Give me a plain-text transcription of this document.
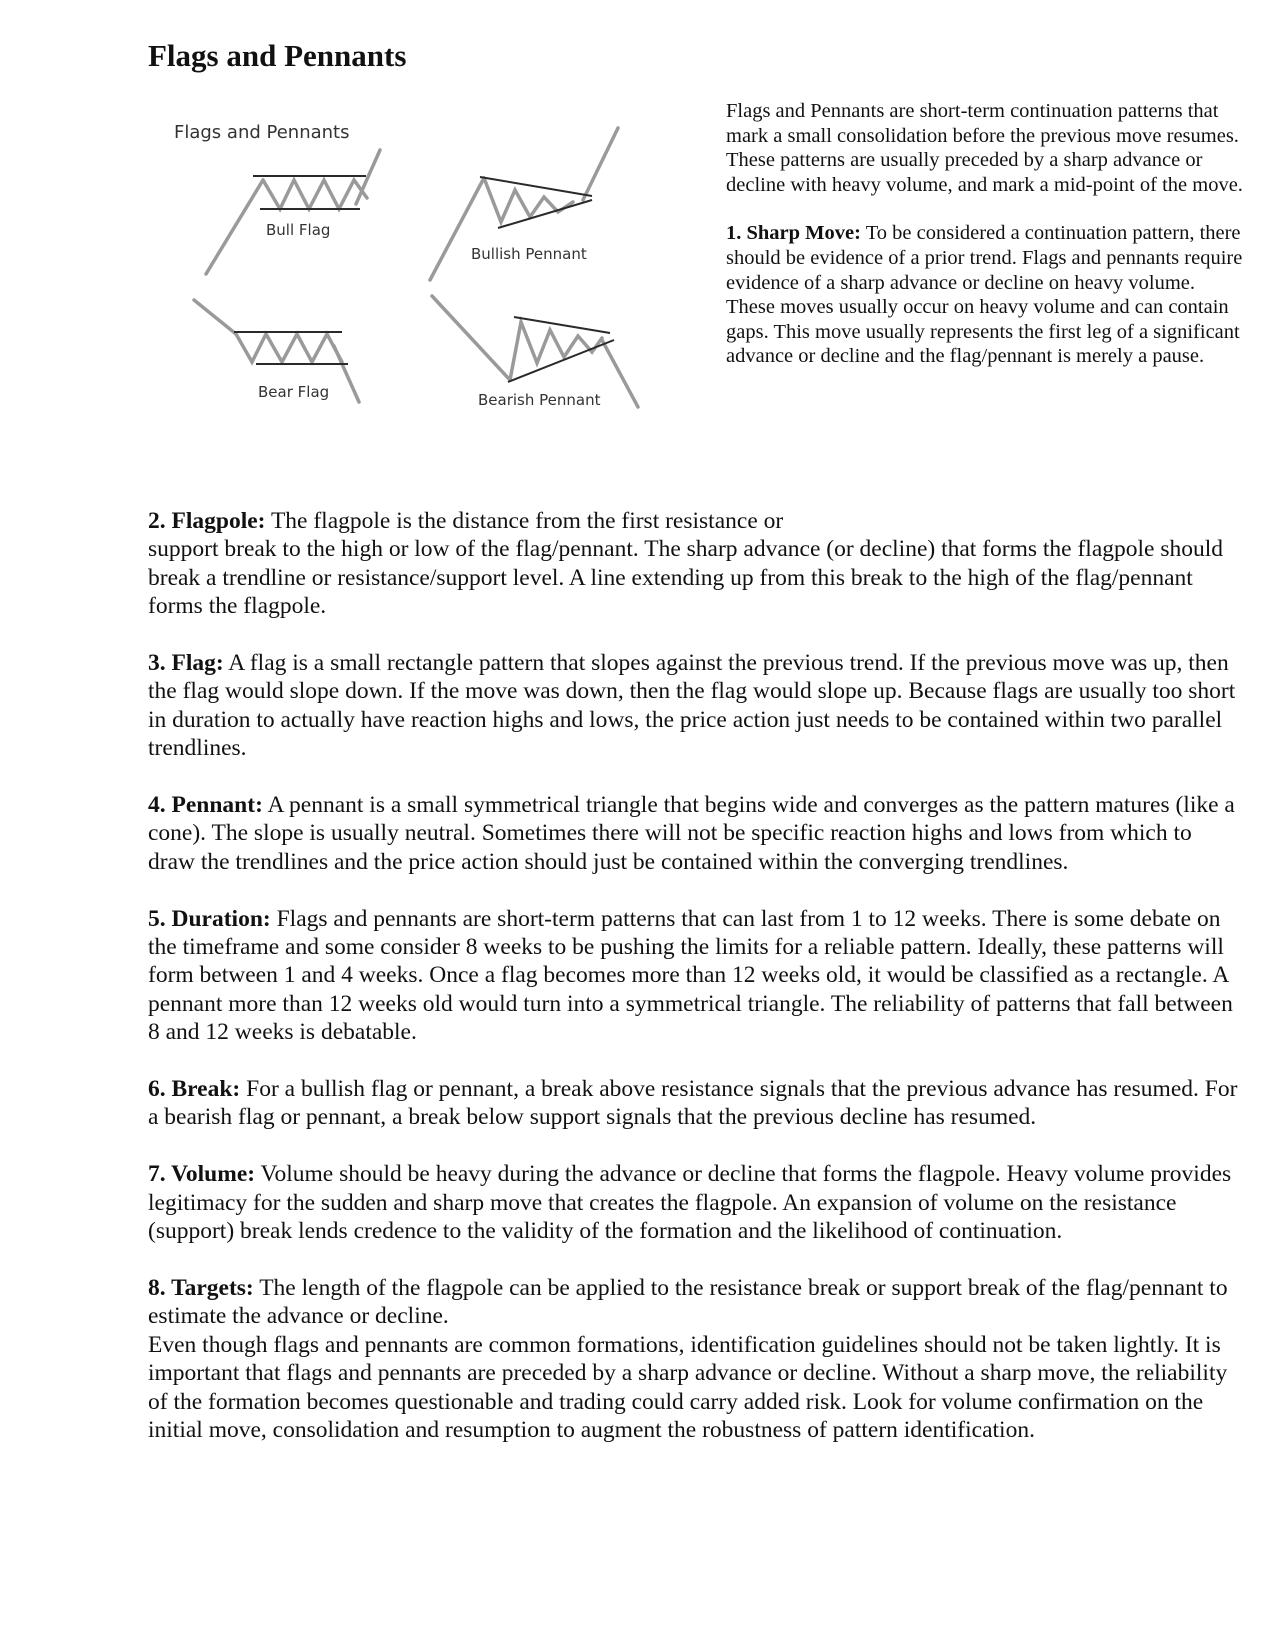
Flags and Pennants
Flags and Pennants
Bull Flag
Bullish Pennant
Bear Flag	Bearish Pennant

Flags and Pennants are short-term continuation patterns that mark a small consolidation before the previous move resumes. These patterns are usually preceded by a sharp advance or decline with heavy volume, and mark a mid-point of the move.

1. Sharp Move: To be considered a continuation pattern, there should be evidence of a prior trend. Flags and pennants require evidence of a sharp advance or decline on heavy volume. These moves usually occur on heavy volume and can contain gaps. This move usually represents the first leg of a significant advance or decline and the flag/pennant is merely a pause.

2. Flagpole: The flagpole is the distance from the first resistance or
support break to the high or low of the flag/pennant. The sharp advance (or decline) that forms the flagpole should break a trendline or resistance/support level. A line extending up from this break to the high of the flag/pennant forms the flagpole.

3. Flag: A flag is a small rectangle pattern that slopes against the previous trend. If the previous move was up, then the flag would slope down. If the move was down, then the flag would slope up. Because flags are usually too short in duration to actually have reaction highs and lows, the price action just needs to be contained within two parallel trendlines.

4. Pennant: A pennant is a small symmetrical triangle that begins wide and converges as the pattern matures (like a cone). The slope is usually neutral. Sometimes there will not be specific reaction highs and lows from which to draw the trendlines and the price action should just be contained within the converging trendlines.

5. Duration: Flags and pennants are short-term patterns that can last from 1 to 12 weeks. There is some debate on the timeframe and some consider 8 weeks to be pushing the limits for a reliable pattern. Ideally, these patterns will form between 1 and 4 weeks. Once a flag becomes more than 12 weeks old, it would be classified as a rectangle. A pennant more than 12 weeks old would turn into a symmetrical triangle. The reliability of patterns that fall between 8 and 12 weeks is debatable.

6. Break: For a bullish flag or pennant, a break above resistance signals that the previous advance has resumed. For a bearish flag or pennant, a break below support signals that the previous decline has resumed.

7. Volume: Volume should be heavy during the advance or decline that forms the flagpole. Heavy volume provides legitimacy for the sudden and sharp move that creates the flagpole. An expansion of volume on the resistance (support) break lends credence to the validity of the formation and the likelihood of continuation.

8. Targets: The length of the flagpole can be applied to the resistance break or support break of the flag/pennant to estimate the advance or decline.

Even though flags and pennants are common formations, identification guidelines should not be taken lightly. It is important that flags and pennants are preceded by a sharp advance or decline. Without a sharp move, the reliability of the formation becomes questionable and trading could carry added risk. Look for volume confirmation on the initial move, consolidation and resumption to augment the robustness of pattern identification.
